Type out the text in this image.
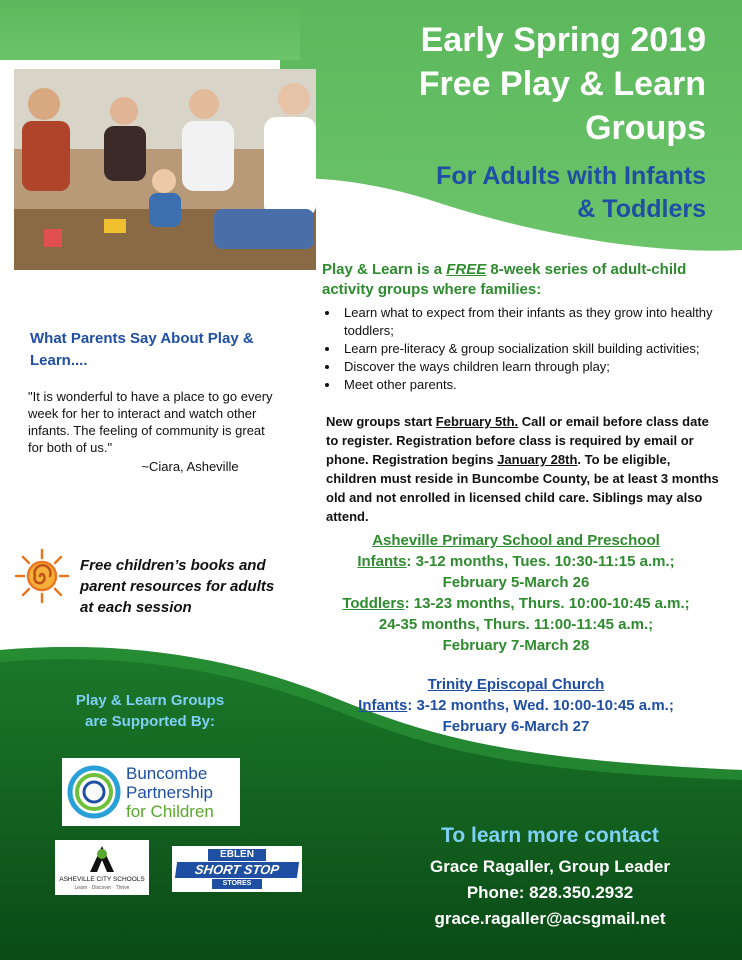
Early Spring 2019
Free Play & Learn
Groups
For Adults with Infants
& Toddlers
Play & Learn is a FREE 8-week series of adult-child activity groups where families:
• Learn what to expect from their infants as they grow into healthy toddlers;
• Learn pre-literacy & group socialization skill building activities;
• Discover the ways children learn through play;
• Meet other parents.
New groups start February 5th. Call or email before class date to register. Registration before class is required by email or phone. Registration begins January 28th. To be eligible, children must reside in Buncombe County, be at least 3 months old and not enrolled in licensed child care. Siblings may also attend.
Asheville Primary School and Preschool
Infants: 3-12 months, Tues. 10:30-11:15 a.m.;
February 5-March 26
Toddlers: 13-23 months, Thurs. 10:00-10:45 a.m.;
24-35 months, Thurs. 11:00-11:45 a.m.;
February 7-March 28
Trinity Episcopal Church
Infants: 3-12 months, Wed. 10:00-10:45 a.m.;
February 6-March 27
What Parents Say About Play &
Learn....
"It is wonderful to have a place to go every week for her to interact and watch other infants. The feeling of community is great for both of us."
~Ciara, Asheville
Free children’s books and
parent resources for adults
at each session
Play & Learn Groups
are Supported By:
Buncombe
Partnership
for Children
ASHEVILLE CITY SCHOOLS
Learn · Discover · Thrive
EBLEN
SHORT STOP
STORES
To learn more contact
Grace Ragaller, Group Leader
Phone: 828.350.2932
grace.ragaller@acsgmail.net
